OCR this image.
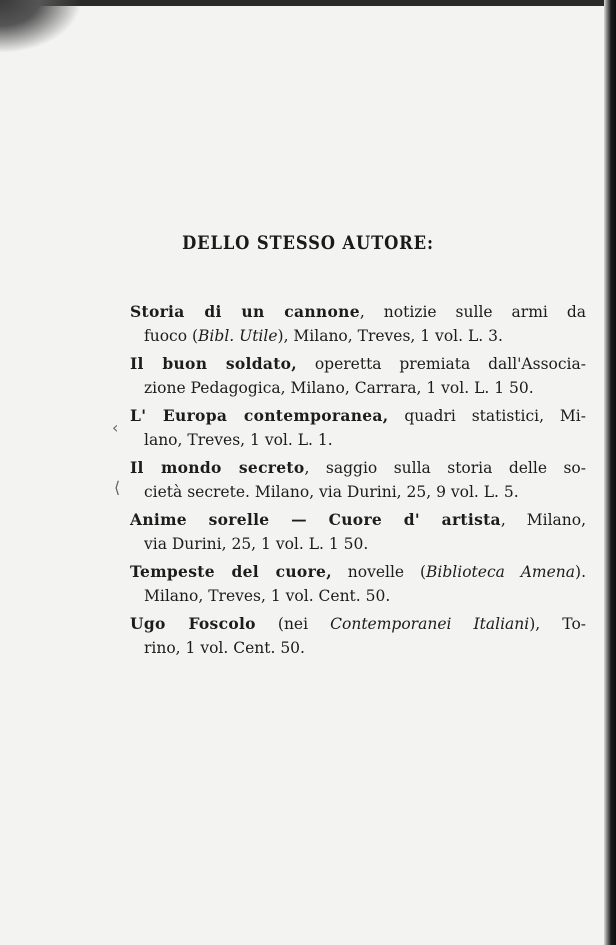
DELLO STESSO AUTORE:
Storia di un cannone, notizie sulle armi da
fuoco (Bibl. Utile), Milano, Treves, 1 vol. L. 3.
Il buon soldato, operetta premiata dall'Associa-
zione Pedagogica, Milano, Carrara, 1 vol. L. 1 50.
L' Europa contemporanea, quadri statistici, Mi-
lano, Treves, 1 vol. L. 1.
Il mondo secreto, saggio sulla storia delle so-
cietà secrete. Milano, via Durini, 25, 9 vol. L. 5.
Anime sorelle — Cuore d' artista, Milano,
via Durini, 25, 1 vol. L. 1 50.
Tempeste del cuore, novelle (Biblioteca Amena).
Milano, Treves, 1 vol. Cent. 50.
Ugo Foscolo (nei Contemporanei Italiani), To-
rino, 1 vol. Cent. 50.
‹
⟨
